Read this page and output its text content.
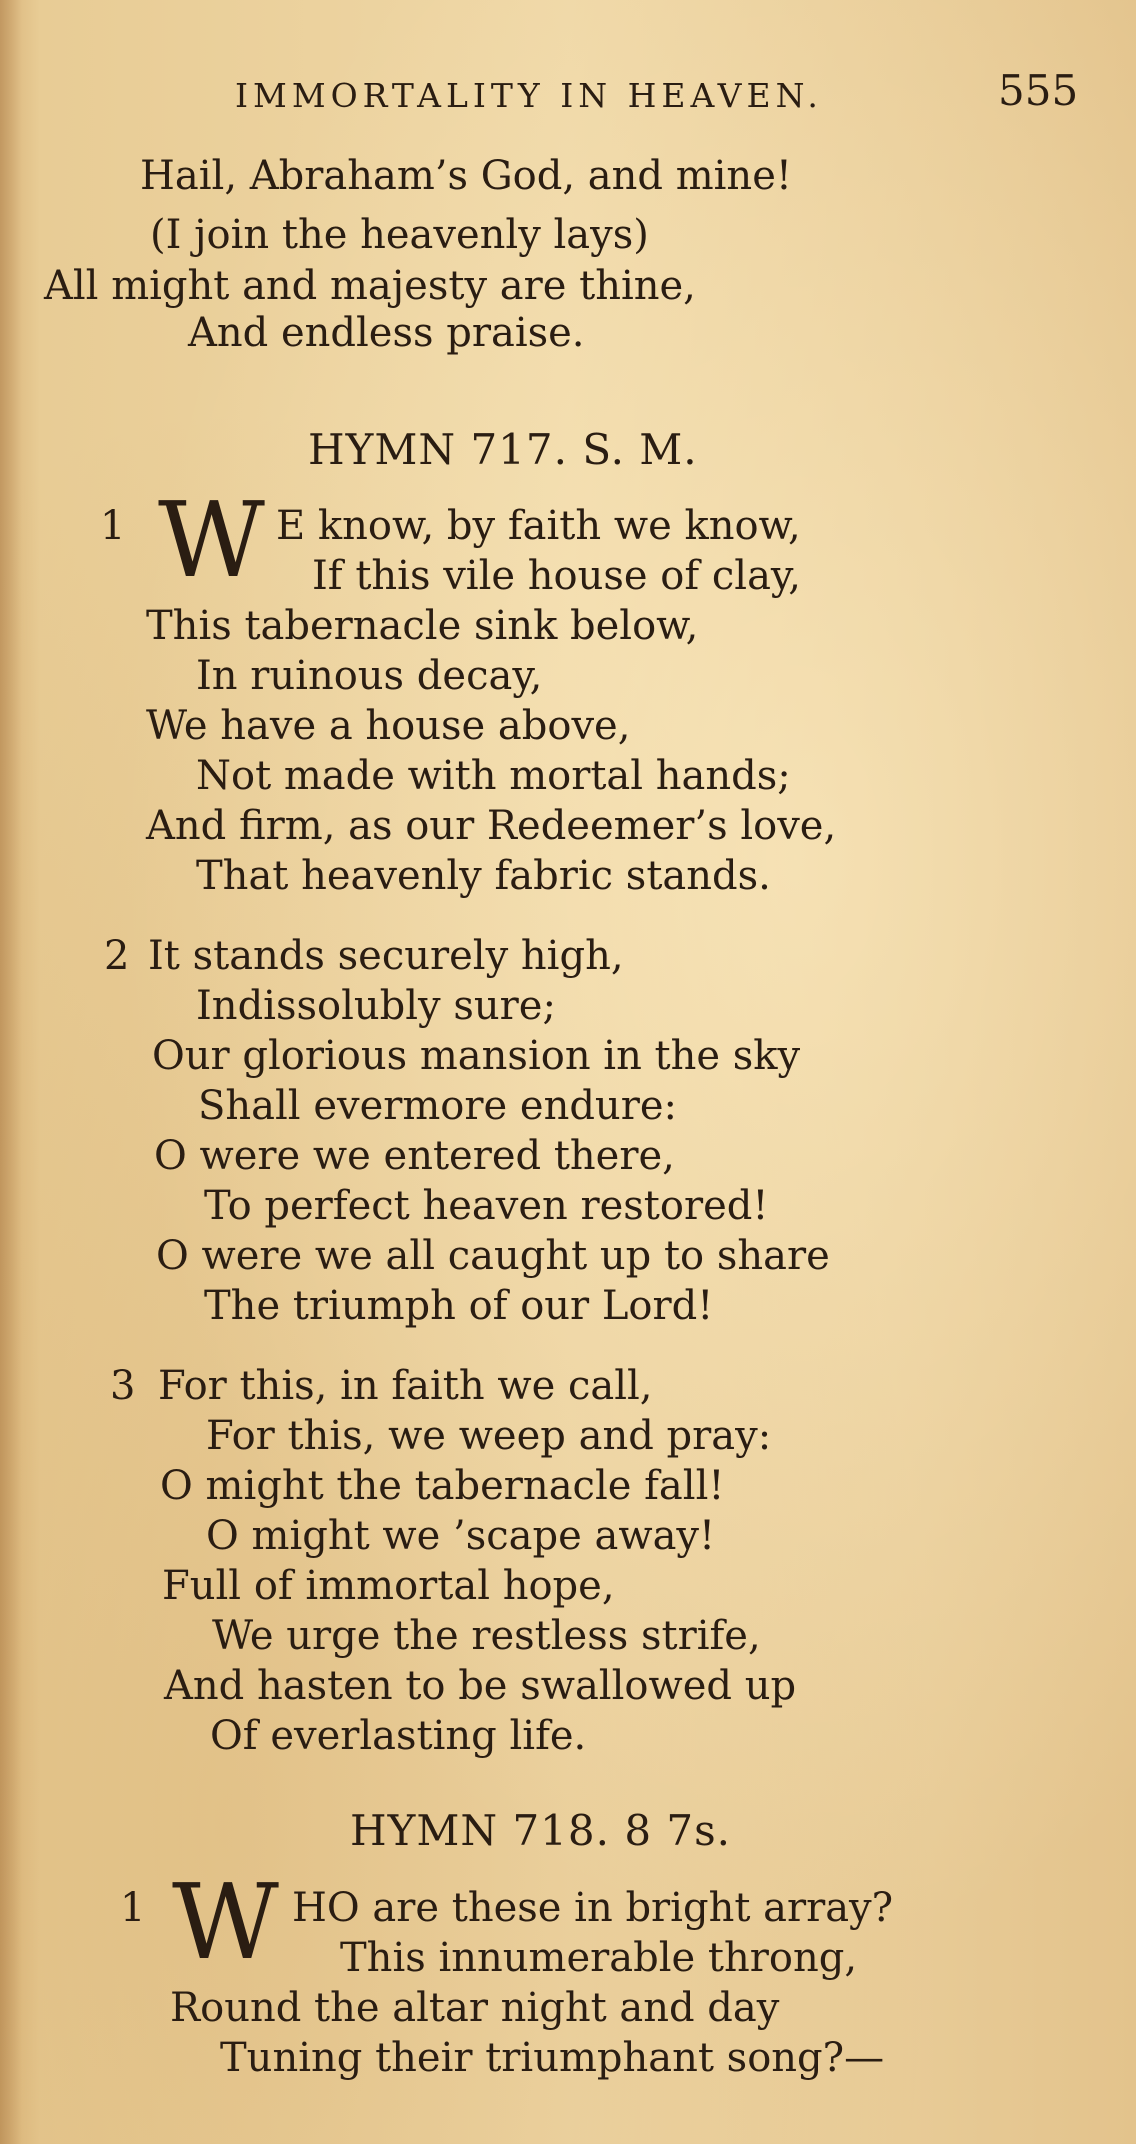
IMMORTALITY IN HEAVEN.	555
Hail, Abraham’s God, and mine!
(I join the heavenly lays)
All might and majesty are thine,
And endless praise.
HYMN 717. S. M.
1 W E know, by faith we know,
If this vile house of clay,
This tabernacle sink below,
In ruinous decay,
We have a house above,
Not made with mortal hands;
And firm, as our Redeemer’s love,
That heavenly fabric stands.
2 It stands securely high,
Indissolubly sure;
Our glorious mansion in the sky
Shall evermore endure:
O were we entered there,
To perfect heaven restored!
O were we all caught up to share
The triumph of our Lord!
3 For this, in faith we call,
For this, we weep and pray:
O might the tabernacle fall!
O might we ’scape away!
Full of immortal hope,
We urge the restless strife,
And hasten to be swallowed up
Of everlasting life.
HYMN 718. 8 7s.
1 W HO are these in bright array?
This innumerable throng,
Round the altar night and day
Tuning their triumphant song?—
